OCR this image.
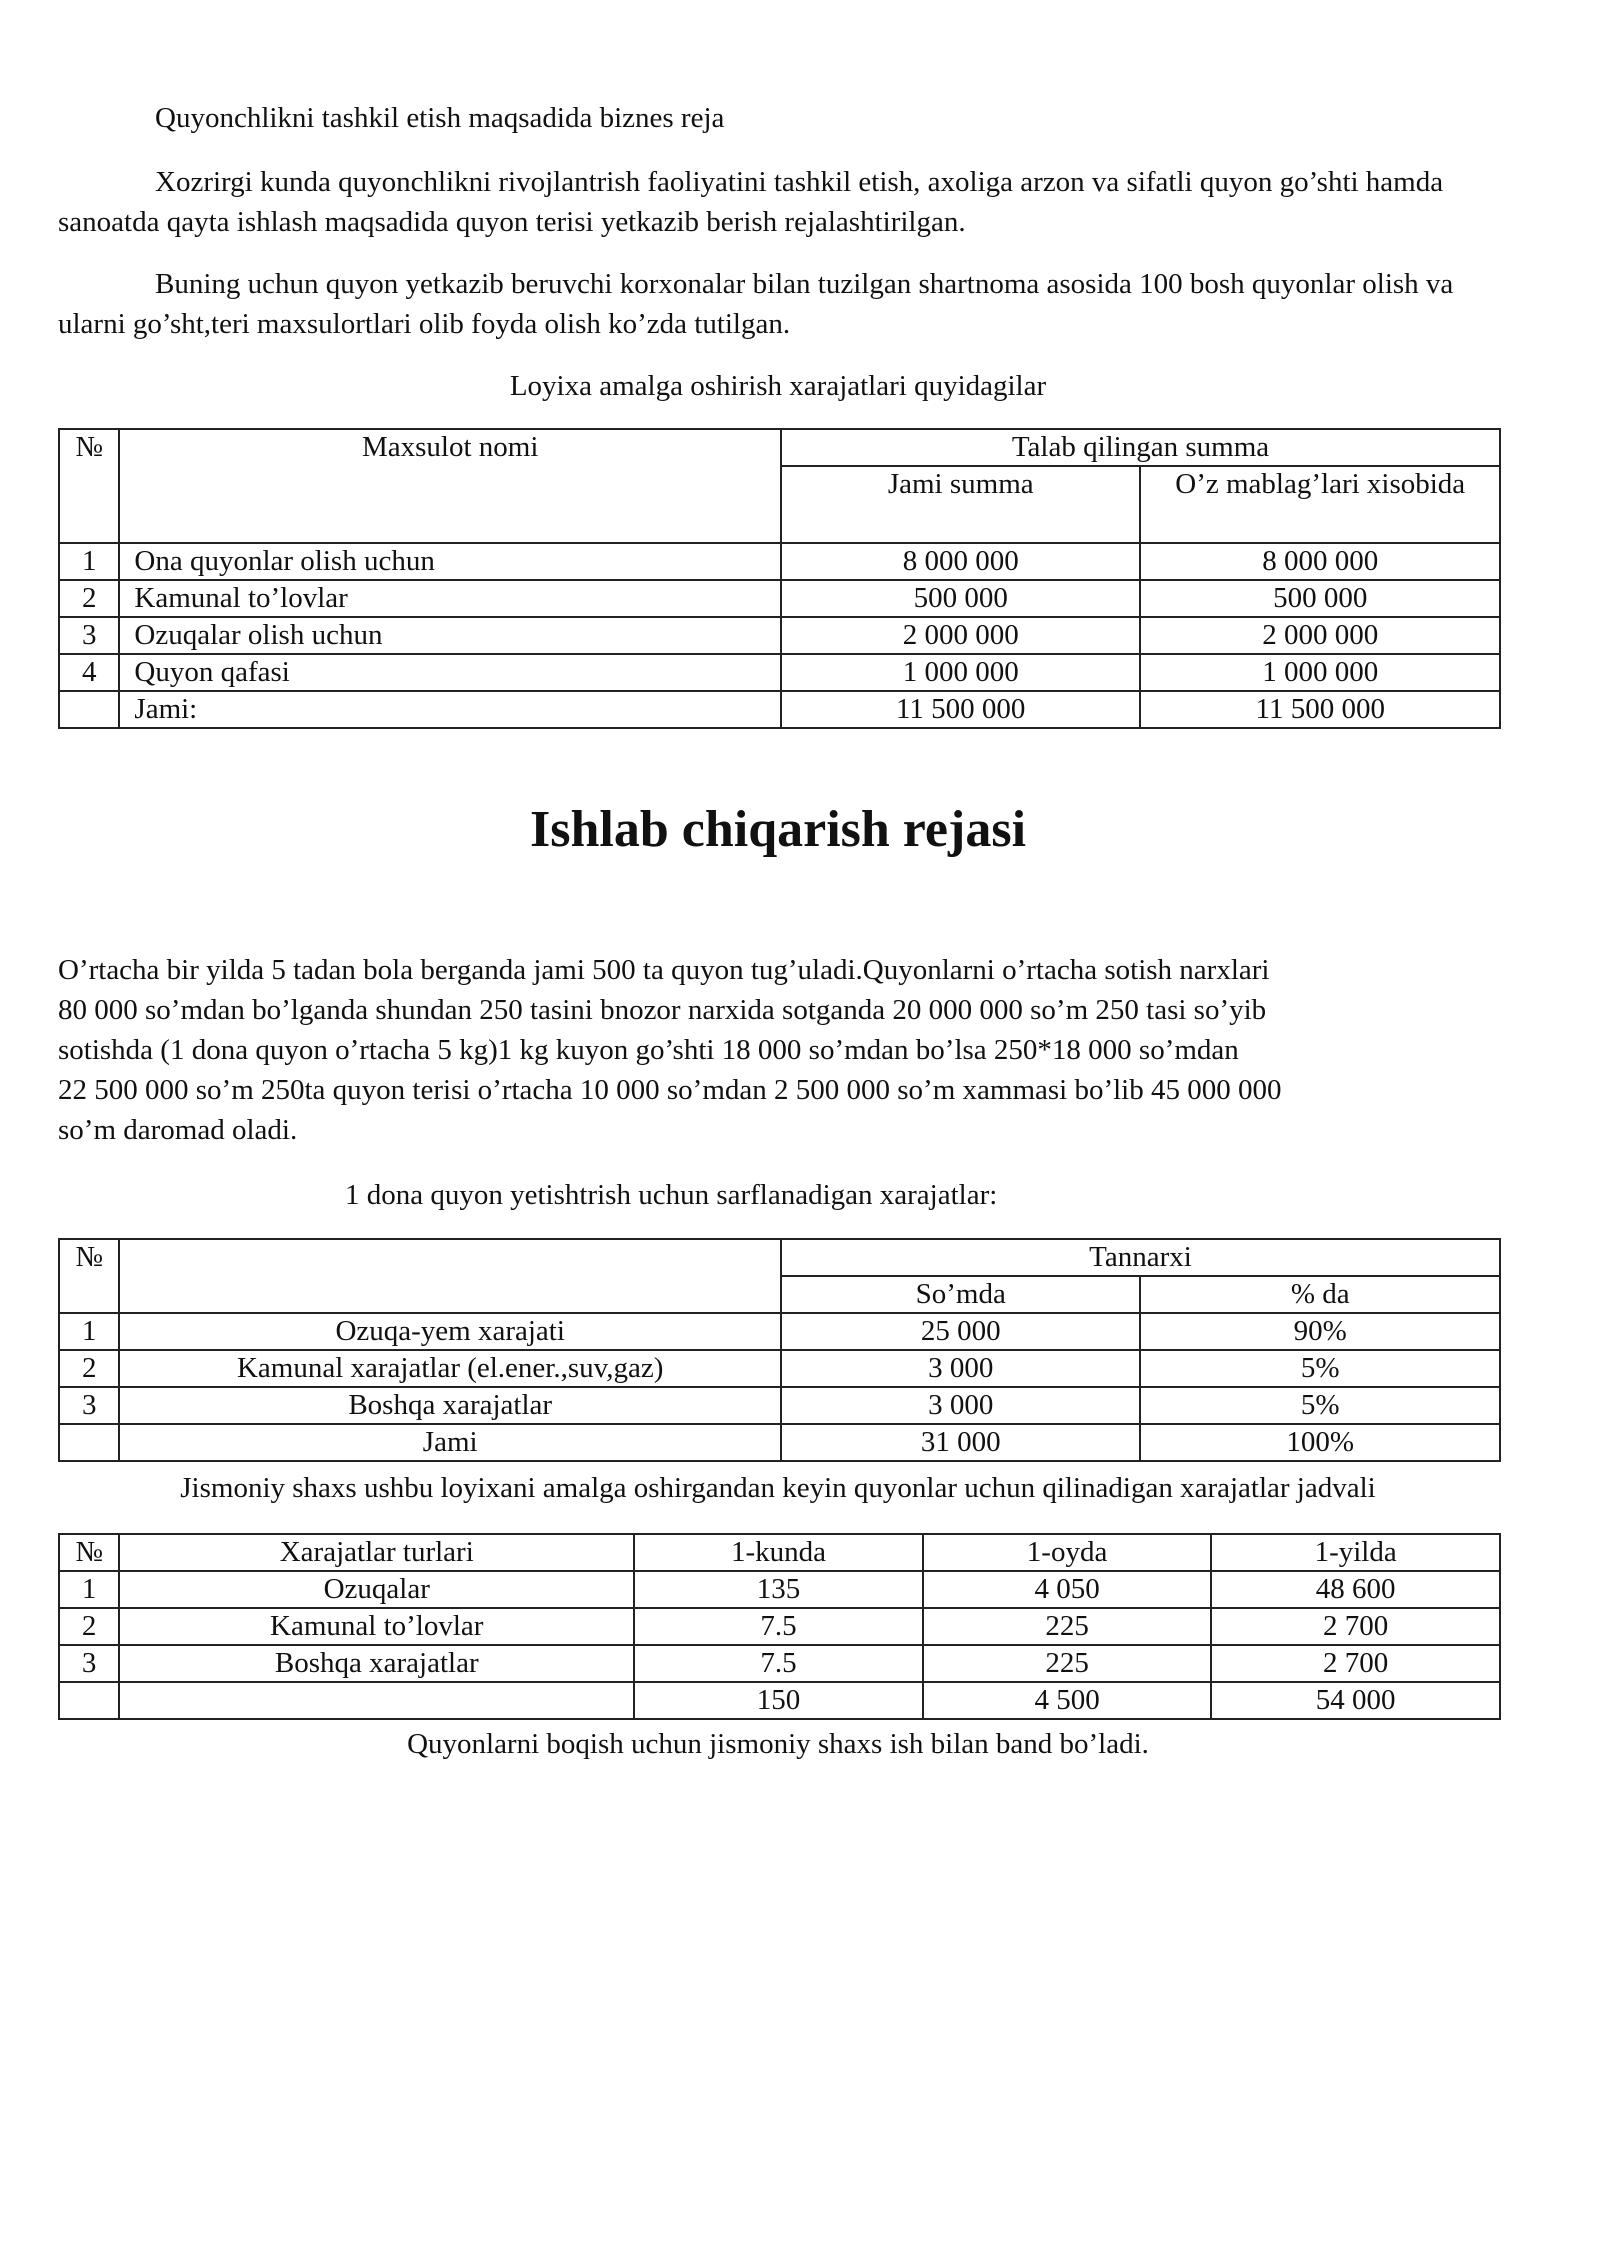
Quyonchlikni tashkil etish maqsadida biznes reja

Xozrirgi kunda quyonchlikni rivojlantrish faoliyatini tashkil etish, axoliga arzon va sifatli quyon go’shti hamda sanoatda qayta ishlash maqsadida quyon terisi yetkazib berish rejalashtirilgan.

Buning uchun quyon yetkazib beruvchi korxonalar bilan tuzilgan shartnoma asosida 100 bosh quyonlar olish va ularni go’sht,teri maxsulortlari olib foyda olish ko’zda tutilgan.

Loyixa amalga oshirish xarajatlari quyidagilar

№	Maxsulot nomi	Talab qilingan summa	
		Jami summa	O’z mablag’lari xisobida
1	Ona quyonlar olish uchun	8 000 000	8 000 000
2	Kamunal to’lovlar	500 000	500 000
3	Ozuqalar olish uchun	2 000 000	2 000 000
4	Quyon qafasi	1 000 000	1 000 000
	Jami:	11 500 000	11 500 000
Ishlab chiqarish rejasi
O’rtacha bir yilda 5 tadan bola berganda jami 500 ta quyon tug’uladi.Quyonlarni o’rtacha sotish narxlari
80 000 so’mdan bo’lganda shundan 250 tasini bnozor narxida sotganda 20 000 000 so’m 250 tasi so’yib
sotishda (1 dona quyon o’rtacha 5 kg)1 kg kuyon go’shti 18 000 so’mdan bo’lsa 250*18 000 so’mdan
22 500 000 so’m 250ta quyon terisi o’rtacha 10 000 so’mdan 2 500 000 so’m xammasi bo’lib 45 000 000
so’m daromad oladi.

1 dona quyon yetishtrish uchun sarflanadigan xarajatlar:

№		Tannarxi	
		So’mda	% da
1	Ozuqa-yem xarajati	25 000	90%
2	Kamunal xarajatlar (el.ener.,suv,gaz)	3 000	5%
3	Boshqa xarajatlar	3 000	5%
	Jami	31 000	100%

Jismoniy shaxs ushbu loyixani amalga oshirgandan keyin quyonlar uchun qilinadigan xarajatlar jadvali

№	Xarajatlar turlari	1-kunda	1-oyda	1-yilda
1	Ozuqalar	135	4 050	48 600
2	Kamunal to’lovlar	7.5	225	2 700
3	Boshqa xarajatlar	7.5	225	2 700
		150	4 500	54 000

Quyonlarni boqish uchun jismoniy shaxs ish bilan band bo’ladi.
